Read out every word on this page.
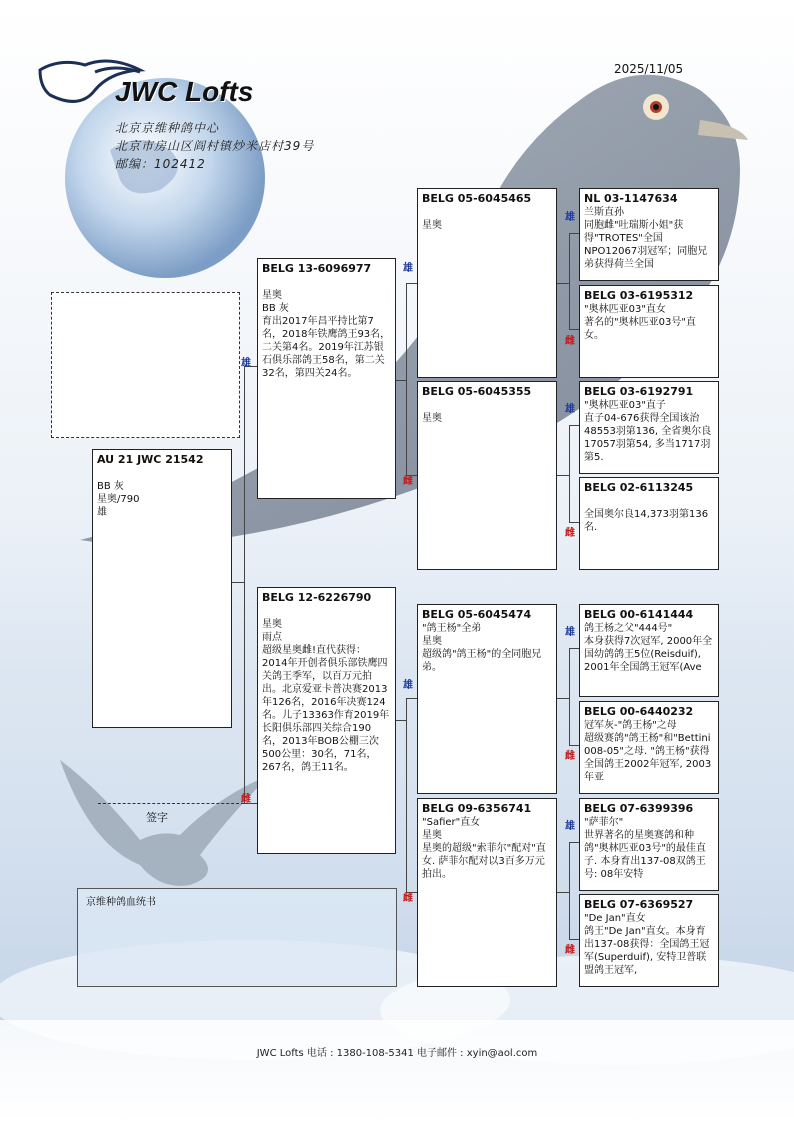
JWC Lofts
2025/11/05
北京京维种鸽中心
北京市房山区阎村镇炒米店村39号
邮编：102412
雄
雌
雄
雌
雄
雌
雄
雌
雄
雌
雄
雌
雄
雌
AU 21 JWC 21542
BB 灰
星奥/790
雄
BELG 13-6096977
星奥
BB 灰
育出2017年昌平持比第7名，2018年铁鹰鸽王93名，二关第4名。2019年江苏银石俱乐部鸽王58名，第二关32名，第四关24名。
BELG 12-6226790
星奥
雨点
超级星奥雌!直代获得：2014年开创者俱乐部铁鹰四关鸽王季军，以百万元拍出。北京爱亚卡普决赛2013年126名，2016年决赛124名。儿子13363作育2019年长阳俱乐部四关综合190名，2013年BOB公棚三次500公里：30名，71名，267名，鸽王11名。
BELG 05-6045465
星奥
BELG 05-6045355
星奥
BELG 05-6045474
"鸽王杨"全弟
星奥
超级鸽"鸽王杨"的全同胞兄弟。
BELG 09-6356741
"Safier"直女
星奥
星奥的超级"索菲尔"配对"直女. 萨菲尔配对以3百多万元拍出。
NL 03-1147634
兰斯直孙
同胞雌"吐瑞斯小姐"获得"TROTES"全国NPO12067羽冠军；同胞兄弟获得荷兰全国
BELG 03-6195312
"奥林匹亚03"直女
著名的"奥林匹亚03号"直女。
BELG 03-6192791
"奥林匹亚03"直子
直子04-676获得全国该治48553羽第136, 全省奥尔良17057羽第54, 多当1717羽第5.
BELG 02-6113245
全国奥尔良14,373羽第136名.
BELG 00-6141444
鸽王杨之父"444号"
本身获得7次冠军, 2000年全国幼鸽鸽王5位(Reisduif), 2001年全国鸽王冠军(Ave
BELG 00-6440232
冠军灰-"鸽王杨"之母
超级赛鸽"鸽王杨"和"Bettini 008-05"之母. "鸽王杨"获得全国鸽王2002年冠军, 2003年亚
BELG 07-6399396
"萨菲尔"
世界著名的星奥赛鸽和种鸽"奥林匹亚03号"的最佳直子. 本身育出137-08双鸽王号: 08年安特
BELG 07-6369527
"De Jan"直女
鸽王"De Jan"直女。本身育出137-08获得：全国鸽王冠军(Superduif), 安特卫普联盟鸽王冠军,
签字
京维种鸽血统书
JWC Lofts 电话 : 1380-108-5341 电子邮件 : xyin@aol.com
